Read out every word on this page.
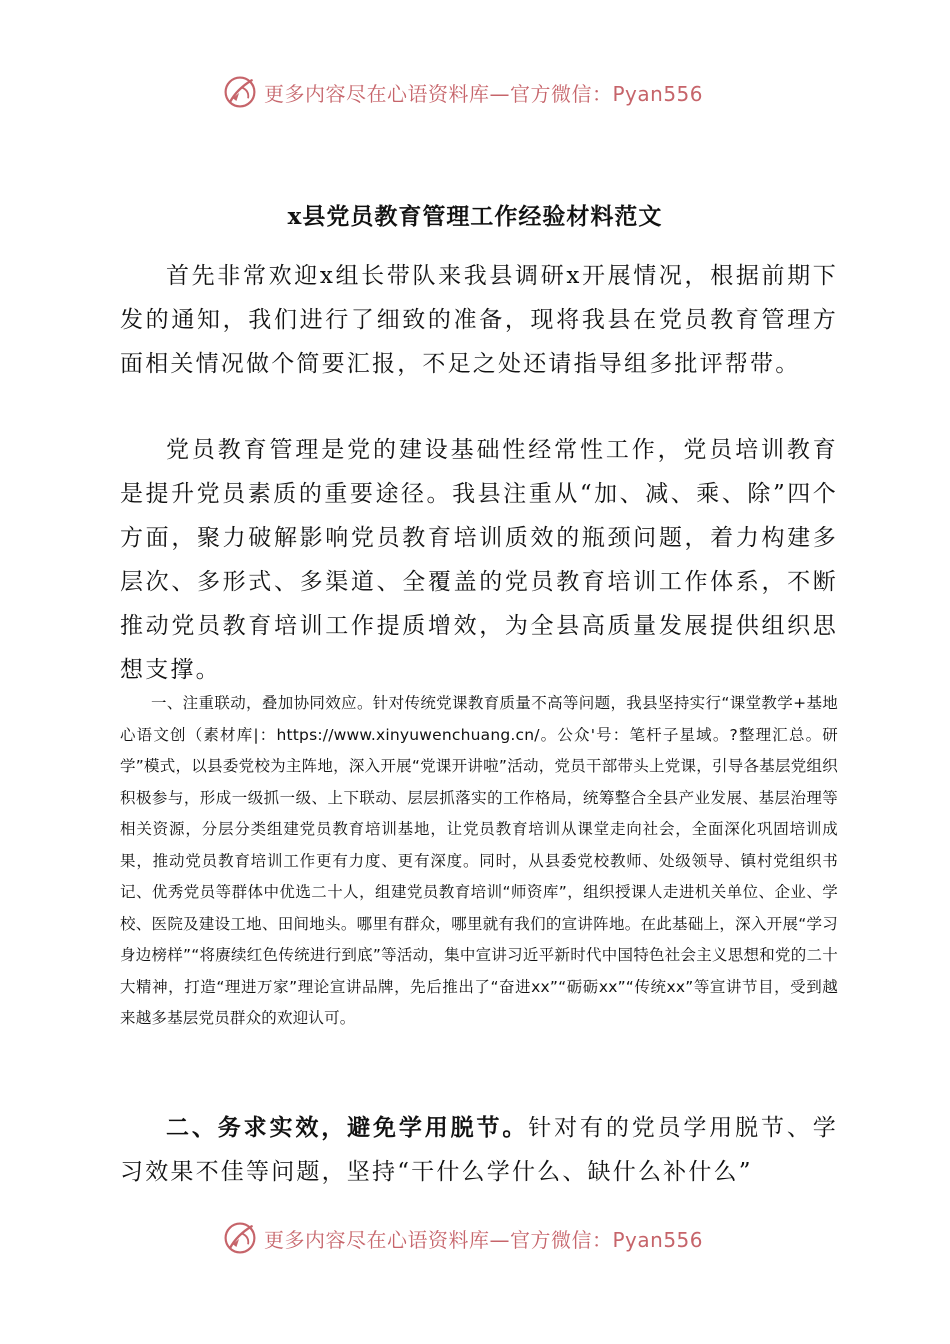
更多内容尽在心语资料库—官方微信：Pyan556
x县党员教育管理工作经验材料范文

首先非常欢迎x组长带队来我县调研x开展情况，根据前期下发的通知，我们进行了细致的准备，现将我县在党员教育管理方面相关情况做个简要汇报，不足之处还请指导组多批评帮带。

党员教育管理是党的建设基础性经常性工作，党员培训教育是提升党员素质的重要途径。我县注重从“加、减、乘、除”四个方面，聚力破解影响党员教育培训质效的瓶颈问题，着力构建多层次、多形式、多渠道、全覆盖的党员教育培训工作体系，不断推动党员教育培训工作提质增效，为全县高质量发展提供组织思想支撑。

一、注重联动，叠加协同效应。针对传统党课教育质量不高等问题，我县坚持实行“课堂教学+基地心语文创（素材库|：https://www.xinyuwenchuang.cn/。公众'号：笔杆子星域。?整理汇总。研学”模式，以县委党校为主阵地，深入开展“党课开讲啦”活动，党员干部带头上党课，引导各基层党组织积极参与，形成一级抓一级、上下联动、层层抓落实的工作格局，统筹整合全县产业发展、基层治理等相关资源，分层分类组建党员教育培训基地，让党员教育培训从课堂走向社会，全面深化巩固培训成果，推动党员教育培训工作更有力度、更有深度。同时，从县委党校教师、处级领导、镇村党组织书记、优秀党员等群体中优选二十人，组建党员教育培训“师资库”，组织授课人走进机关单位、企业、学校、医院及建设工地、田间地头。哪里有群众，哪里就有我们的宣讲阵地。在此基础上，深入开展“学习身边榜样”“将赓续红色传统进行到底”等活动，集中宣讲习近平新时代中国特色社会主义思想和党的二十大精神，打造“理进万家”理论宣讲品牌，先后推出了“奋进xx”“砺砺xx”“传统xx”等宣讲节目，受到越来越多基层党员群众的欢迎认可。

二、务求实效，避免学用脱节。针对有的党员学用脱节、学习效果不佳等问题，坚持“干什么学什么、缺什么补什么”

更多内容尽在心语资料库—官方微信：Pyan556
